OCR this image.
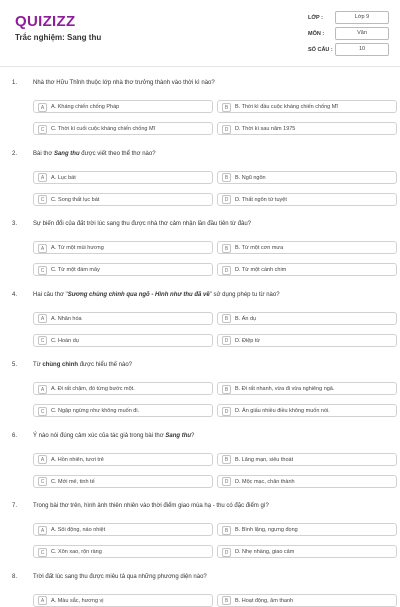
QUIZIZZ
Trắc nghiệm: Sang thu
LỚP :	Lớp 9
MÔN :	Văn
SỐ CÂU :	10
1.	Nhà thơ Hữu Thỉnh thuộc lớp nhà thơ trưởng thành vào thời kì nào?
A	A. Kháng chiến chống Pháp	B	B. Thời kì đầu cuộc kháng chiến chống Mĩ
C	C. Thời kì cuối cuộc kháng chiến chống Mĩ	D	D. Thời kì sau năm 1975
2.	Bài thơ Sang thu được viết theo thể thơ nào?
A	A. Lục bát	B	B. Ngũ ngôn
C	C. Song thất lục bát	D	D. Thất ngôn tứ tuyệt
3.	Sự biến đổi của đất trời lúc sang thu được nhà thơ cảm nhận lần đầu tiên từ đâu?
A	A. Từ một mùi hương	B	B. Từ một cơn mưa
C	C. Từ một đám mây	D	D. Từ một cánh chim
4.	Hai câu thơ "Sương chùng chình qua ngõ - Hình như thu đã về" sử dụng phép tu từ nào?
A	A. Nhân hóa	B	B. Ẩn dụ
C	C. Hoán dụ	D	D. Điệp từ
5.	Từ chùng chình được hiểu thế nào?
A	A. Đi rất chậm, đó từng bước một.	B	B. Đi rất nhanh, vừa đi vừa nghiêng ngả.
C	C. Ngập ngừng như không muốn đi.	D	D. Ẩn giấu nhiều điều không muốn nói.
6.	Ý nào nói đúng cảm xúc của tác giả trong bài thơ Sang thu?
A	A. Hồn nhiên, tươi trẻ	B	B. Lãng mạn, siêu thoát
C	C. Mới mẻ, tinh tế	D	D. Mộc mạc, chân thành
7.	Trong bài thơ trên, hình ảnh thiên nhiên vào thời điểm giao mùa hạ - thu có đặc điểm gì?
A	A. Sôi động, náo nhiệt	B	B. Bình lặng, ngưng đọng
C	C. Xôn xao, rộn ràng	D	D. Nhẹ nhàng, giao cảm
8.	Trời đất lúc sang thu được miêu tả qua những phương diện nào?
A	A. Màu sắc, hương vị	B	B. Hoạt động, âm thanh
